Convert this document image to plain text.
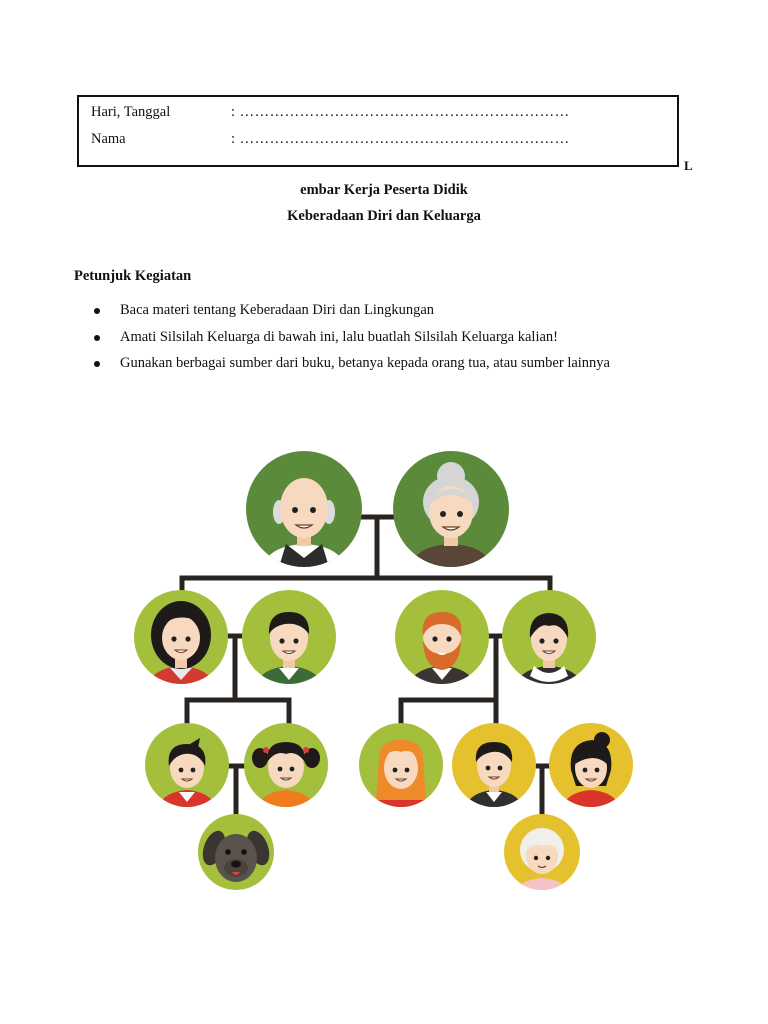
Hari, Tanggal	: …………………………………………………………
Nama	: …………………………………………………………
L
embar Kerja Peserta Didik
Keberadaan Diri dan Keluarga
Petunjuk Kegiatan
Baca materi tentang Keberadaan Diri dan Lingkungan
Amati Silsilah Keluarga di bawah ini, lalu buatlah Silsilah Keluarga kalian!
Gunakan berbagai sumber dari buku, betanya kepada orang tua, atau sumber lainnya
